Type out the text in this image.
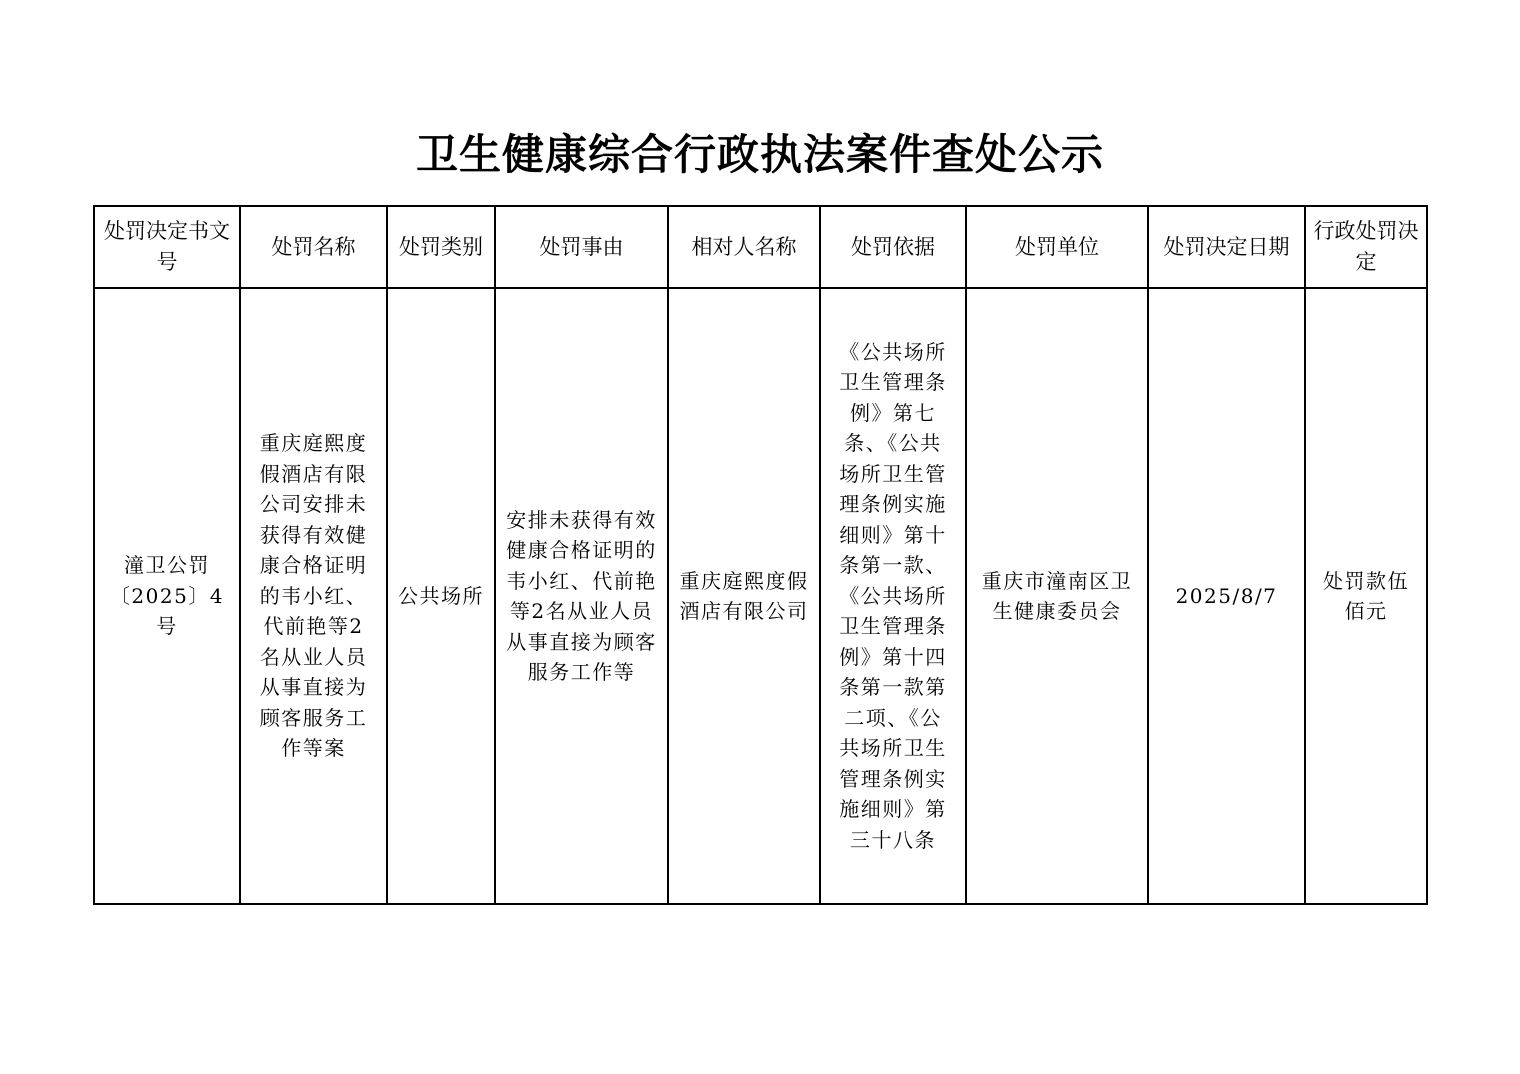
卫生健康综合行政执法案件查处公示
处罚决定书文号	处罚名称	处罚类别	处罚事由	相对人名称	处罚依据	处罚单位	处罚决定日期	行政处罚决定

潼卫公罚〔2025〕4号	重庆庭熙度假酒店有限公司安排未获得有效健康合格证明的韦小红、代前艳等2名从业人员从事直接为顾客服务工作等案	公共场所	安排未获得有效健康合格证明的韦小红、代前艳等2名从业人员从事直接为顾客服务工作等	重庆庭熙度假酒店有限公司	《公共场所卫生管理条例》第七条、《公共场所卫生管理条例实施细则》第十条第一款、《公共场所卫生管理条例》第十四条第一款第二项、《公共场所卫生管理条例实施细则》第三十八条	重庆市潼南区卫生健康委员会	2025/8/7	处罚款伍佰元
